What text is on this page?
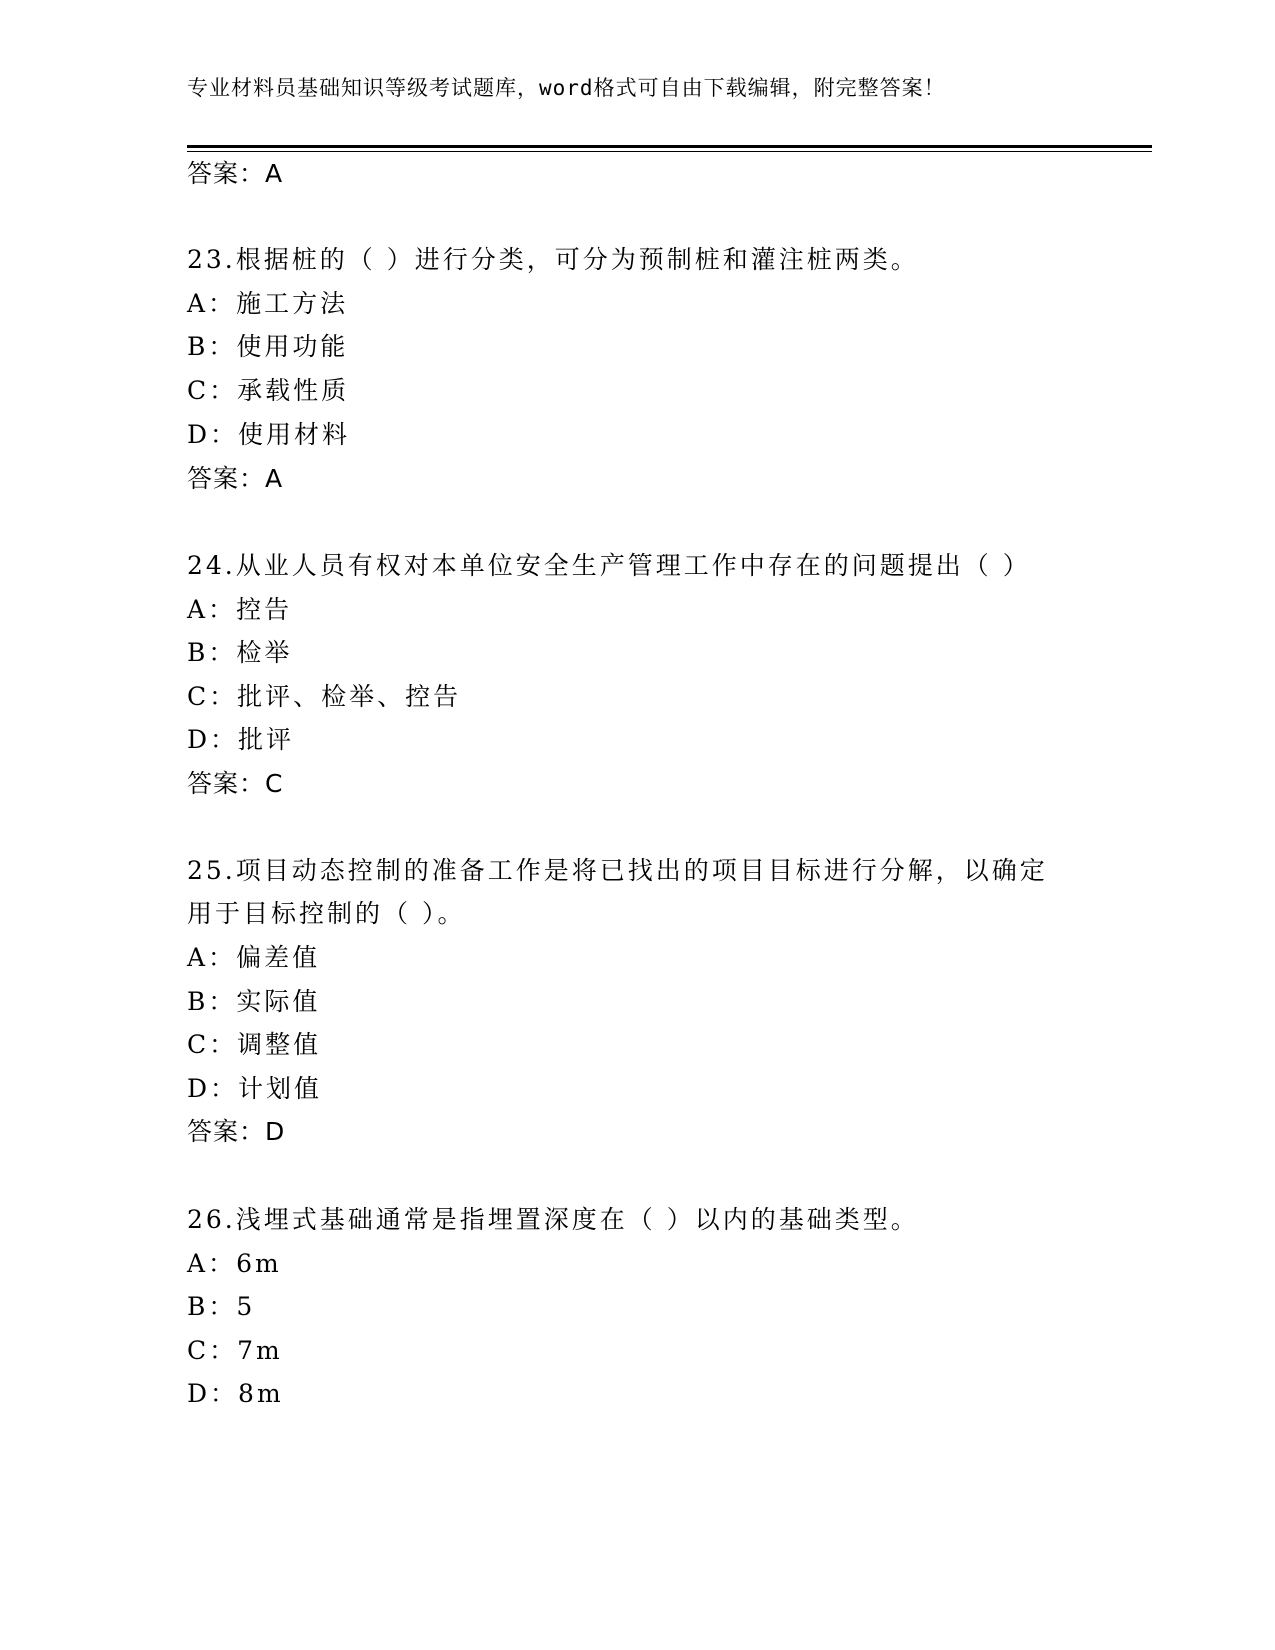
专业材料员基础知识等级考试题库，word格式可自由下载编辑，附完整答案！
答案：A
23.根据桩的（ ）进行分类，可分为预制桩和灌注桩两类。
A：施工方法
B：使用功能
C：承载性质
D：使用材料
答案：A
24.从业人员有权对本单位安全生产管理工作中存在的问题提出（ ）
A：控告
B：检举
C：批评、检举、控告
D：批评
答案：C
25.项目动态控制的准备工作是将已找出的项目目标进行分解，以确定
用于目标控制的（ ）。
A：偏差值
B：实际值
C：调整值
D：计划值
答案：D
26.浅埋式基础通常是指埋置深度在（ ）以内的基础类型。
A：6m
B：5
C：7m
D：8m
